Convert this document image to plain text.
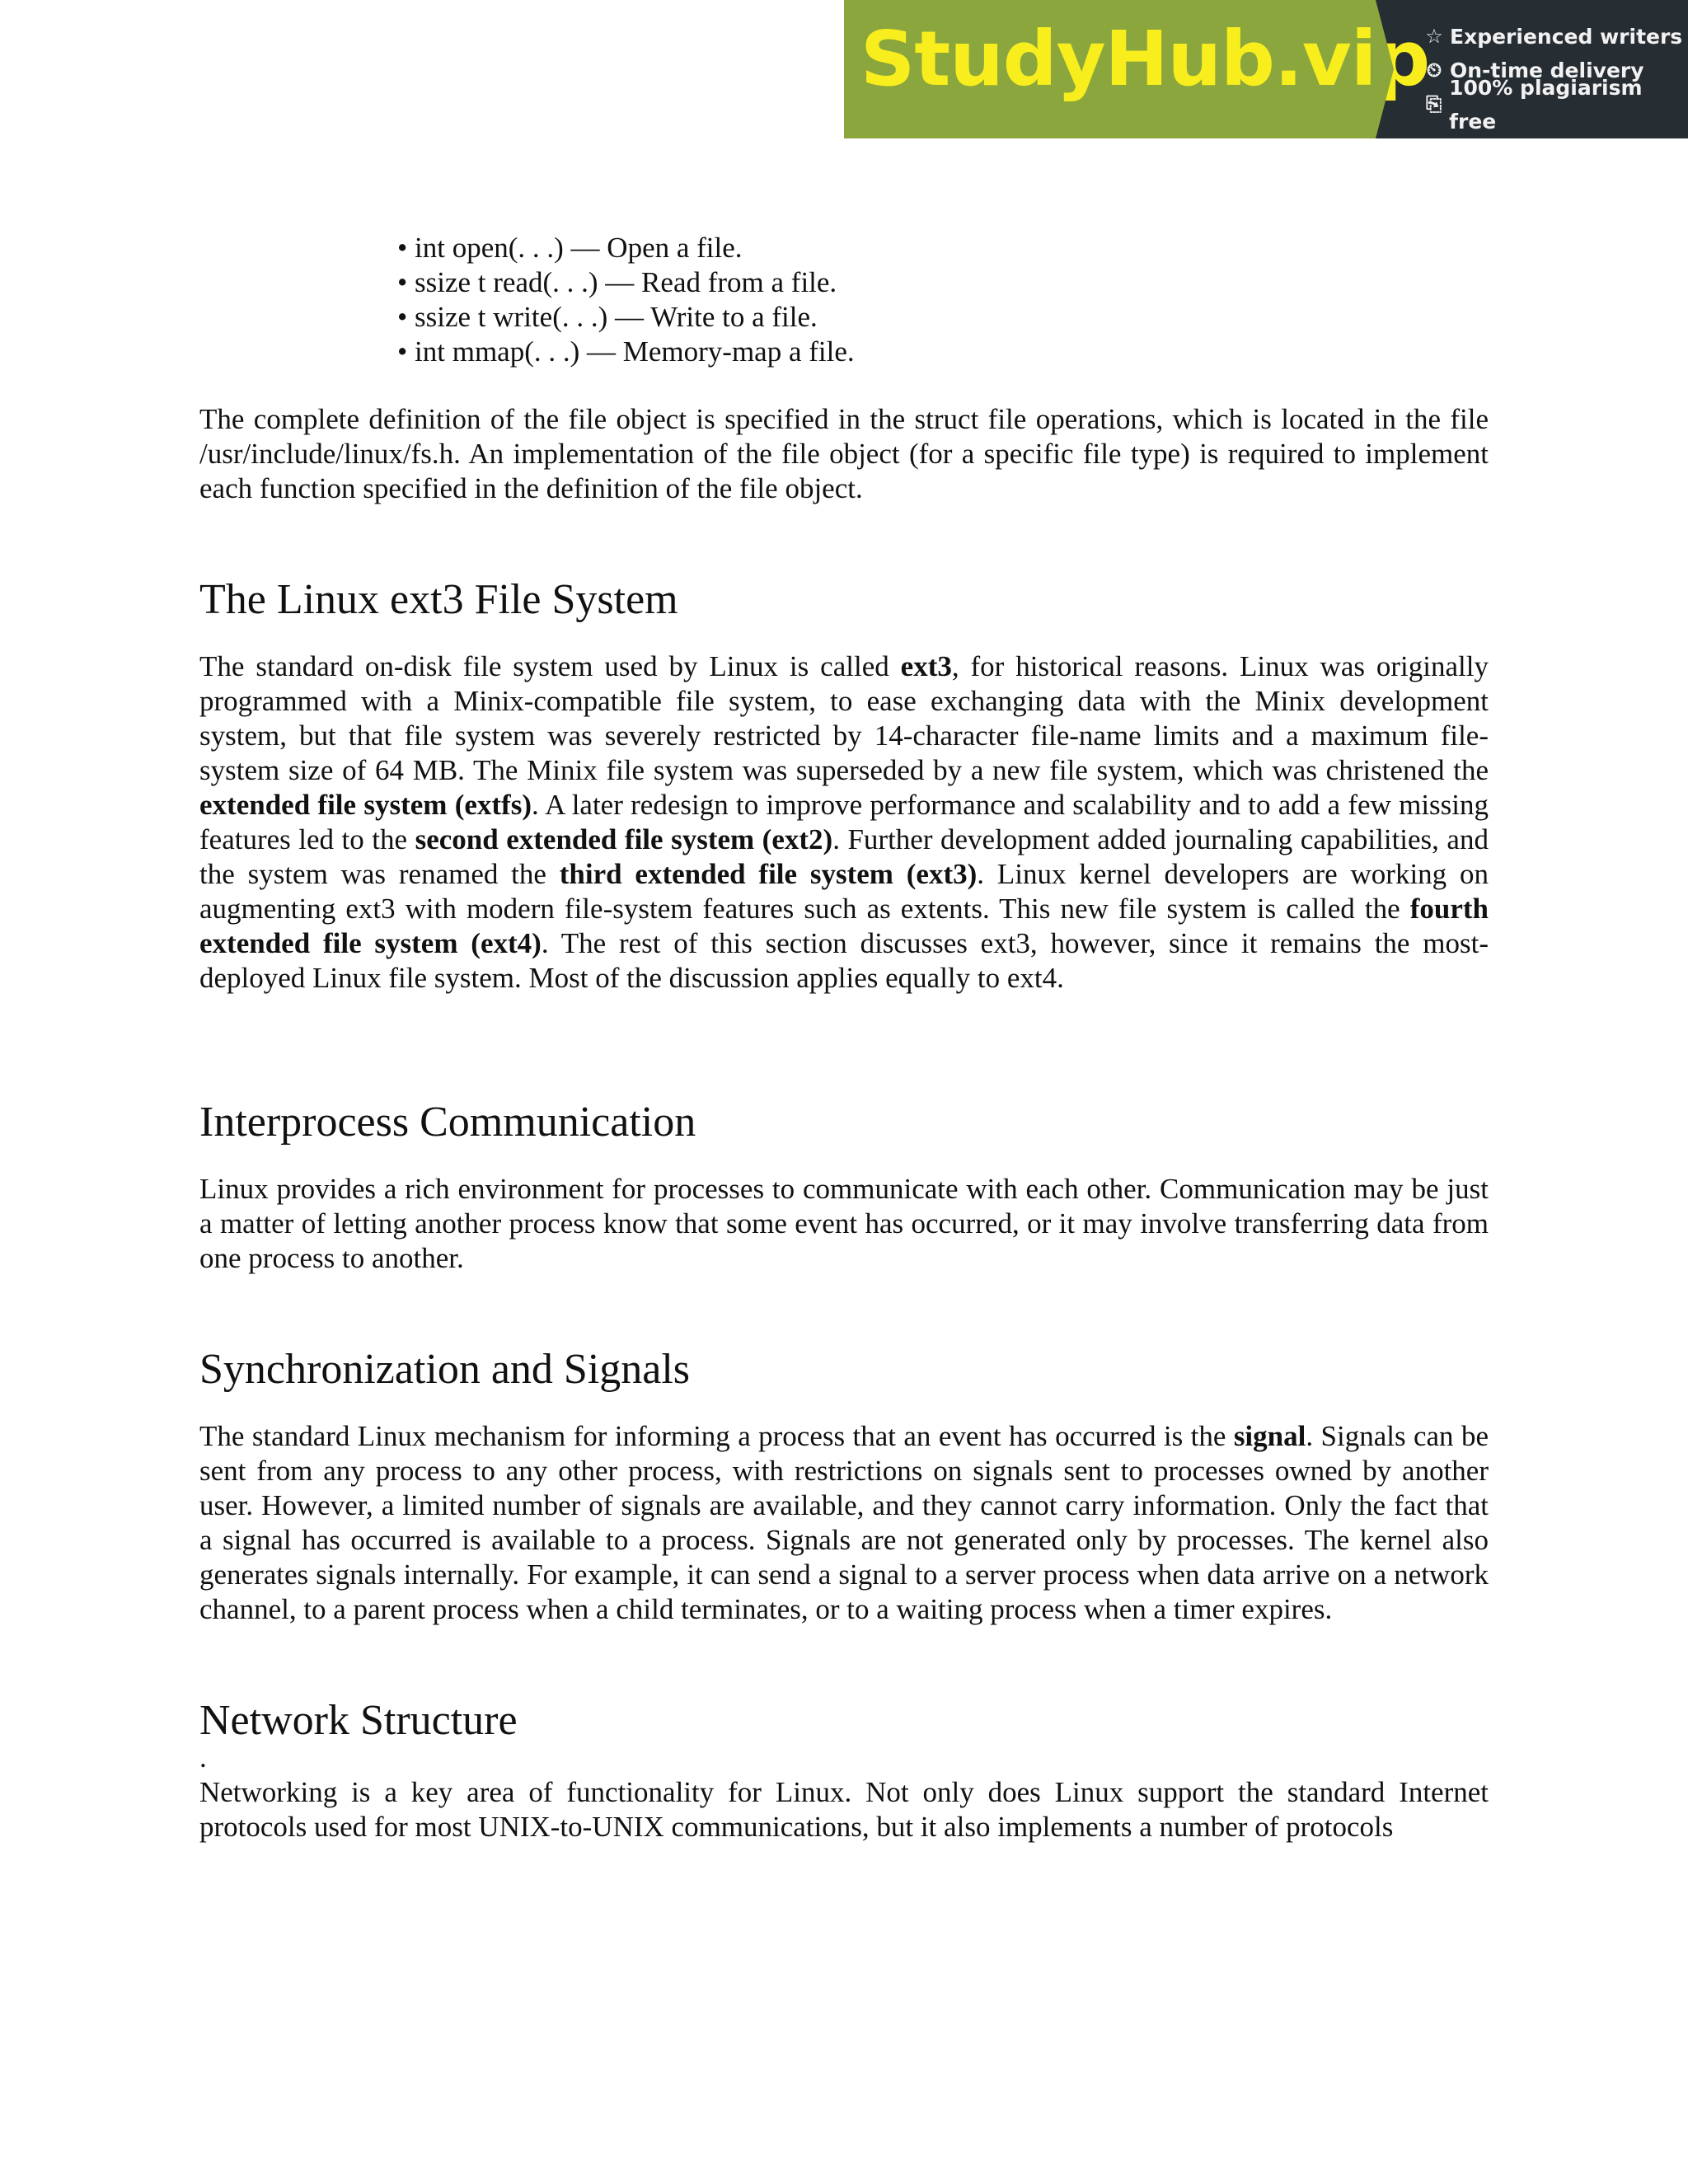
StudyHub.vip
☆ Experienced writers
⏲ On-time delivery
⎘
100% plagiarism free
• int open(. . .) — Open a file.
• ssize t read(. . .) — Read from a file.
• ssize t write(. . .) — Write to a file.
• int mmap(. . .) — Memory-map a file.

The complete definition of the file object is specified in the struct file operations, which is located in the file /usr/include/linux/fs.h. An implementation of the file object (for a specific file type) is required to implement each function specified in the definition of the file object.

The Linux ext3 File System

The standard on-disk file system used by Linux is called ext3, for historical reasons. Linux was originally programmed with a Minix-compatible file system, to ease exchanging data with the Minix development system, but that file system was severely restricted by 14-character file-name limits and a maximum file-system size of 64 MB. The Minix file system was superseded by a new file system, which was christened the extended file system (extfs). A later redesign to improve performance and scalability and to add a few missing features led to the second extended file system (ext2). Further development added journaling capabilities, and the system was renamed the third extended file system (ext3). Linux kernel developers are working on augmenting ext3 with modern file-system features such as extents. This new file system is called the fourth extended file system (ext4). The rest of this section discusses ext3, however, since it remains the most-deployed Linux file system. Most of the discussion applies equally to ext4.

Interprocess Communication

Linux provides a rich environment for processes to communicate with each other. Communication may be just a matter of letting another process know that some event has occurred, or it may involve transferring data from one process to another.

Synchronization and Signals

The standard Linux mechanism for informing a process that an event has occurred is the signal. Signals can be sent from any process to any other process, with restrictions on signals sent to processes owned by another user. However, a limited number of signals are available, and they cannot carry information. Only the fact that a signal has occurred is available to a process. Signals are not generated only by processes. The kernel also generates signals internally. For example, it can send a signal to a server process when data arrive on a network channel, to a parent process when a child terminates, or to a waiting process when a timer expires.

Network Structure

.

Networking is a key area of functionality for Linux. Not only does Linux support the standard Internet protocols used for most UNIX-to-UNIX communications, but it also implements a number of protocols
